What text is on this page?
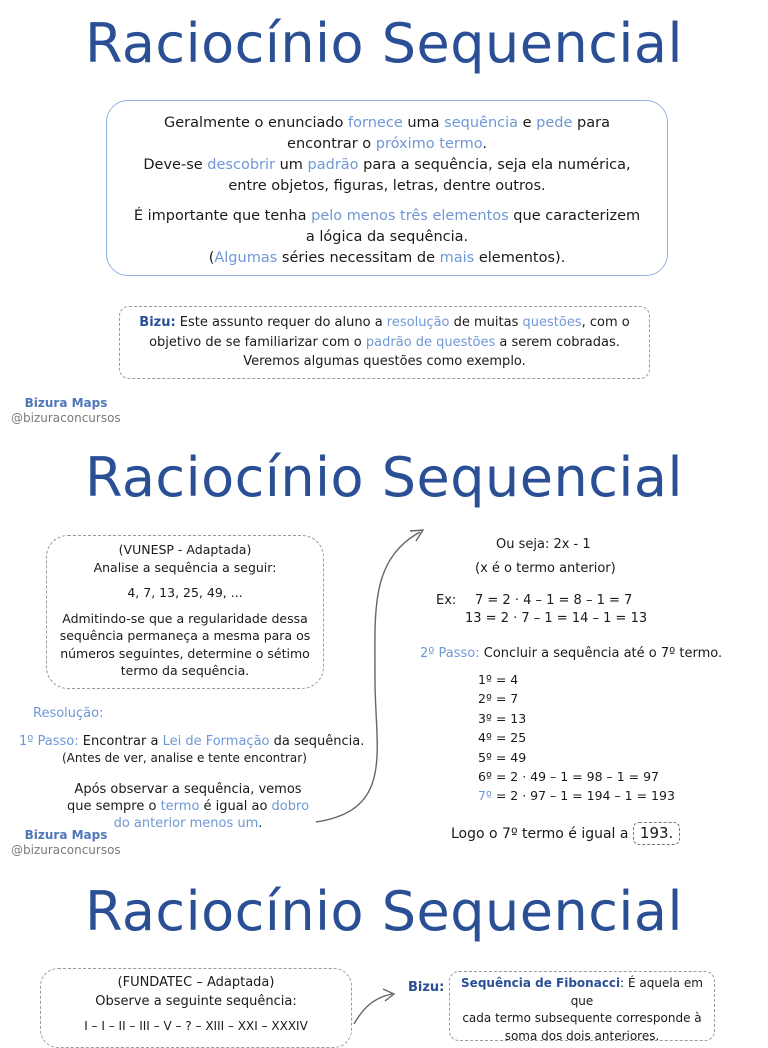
Raciocínio Sequencial

Geralmente o enunciado fornece uma sequência e pede para

encontrar o próximo termo.

Deve-se descobrir um padrão para a sequência, seja ela numérica,

entre objetos, figuras, letras, dentre outros.

É importante que tenha pelo menos três elementos que caracterizem

a lógica da sequência.

(Algumas séries necessitam de mais elementos).

Bizu: Este assunto requer do aluno a resolução de muitas questões, com o
objetivo de se familiarizar com o padrão de questões a serem cobradas.
Veremos algumas questões como exemplo.
Bizura Maps
@bizuraconcursos
Raciocínio Sequencial

(VUNESP - Adaptada)

Analise a sequência a seguir:

4, 7, 13, 25, 49, ...

Admitindo-se que a regularidade dessa

sequência permaneça a mesma para os

números seguintes, determine o sétimo

termo da sequência.

Resolução:
1º Passo: Encontrar a Lei de Formação da sequência.
(Antes de ver, analise e tente encontrar)
Após observar a sequência, vemos
que sempre o termo é igual ao dobro
do anterior menos um.
Bizura Maps
@bizuraconcursos
Ou seja: 2x - 1
(x é o termo anterior)
Ex: 7 = 2 · 4 – 1 = 8 – 1 = 7
13 = 2 · 7 – 1 = 14 – 1 = 13
2º Passo: Concluir a sequência até o 7º termo.
1º = 4
2º = 7
3º = 13
4º = 25
5º = 49
6º = 2 · 49 – 1 = 98 – 1 = 97
7º = 2 · 97 – 1 = 194 – 1 = 193
Logo o 7º termo é igual a 193.
Raciocínio Sequencial
(FUNDATEC – Adaptada)
Observe a seguinte sequência:
I – I – II – III – V – ? – XIII – XXI – XXXIV
Bizu:	Sequência de Fibonacci: É aquela em que
cada termo subsequente corresponde à
soma dos dois anteriores.
